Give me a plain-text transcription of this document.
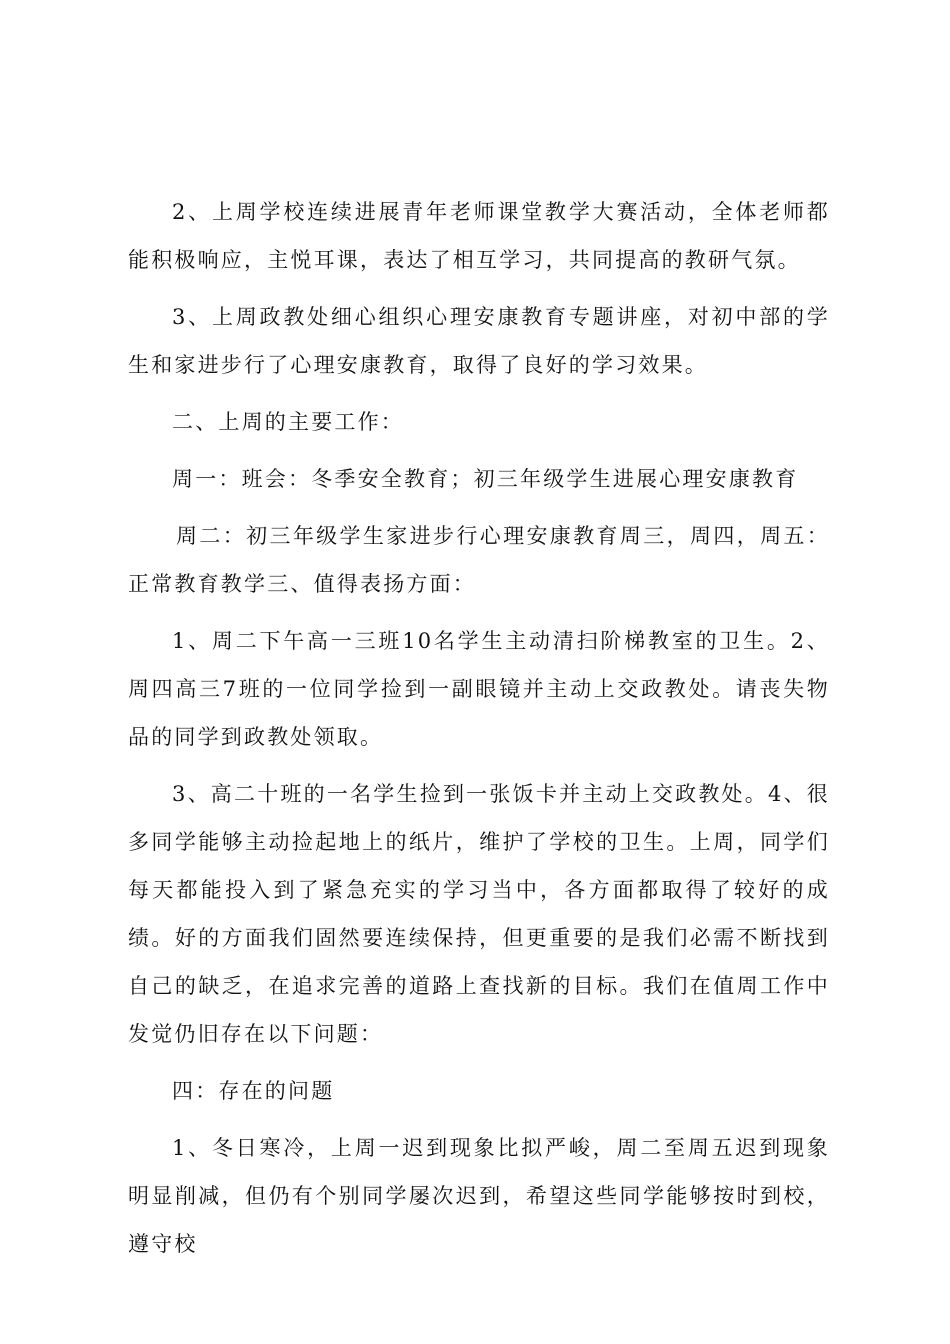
2、上周学校连续进展青年老师课堂教学大赛活动，全体老师都能积极响应，主悦耳课，表达了相互学习，共同提高的教研气氛。

3、上周政教处细心组织心理安康教育专题讲座，对初中部的学生和家进步行了心理安康教育，取得了良好的学习效果。

二、上周的主要工作：

周一：班会：冬季安全教育；初三年级学生进展心理安康教育

周二：初三年级学生家进步行心理安康教育周三，周四，周五：正常教育教学三、值得表扬方面：

1、周二下午高一三班10名学生主动清扫阶梯教室的卫生。2、周四高三7班的一位同学捡到一副眼镜并主动上交政教处。请丧失物品的同学到政教处领取。

3、高二十班的一名学生捡到一张饭卡并主动上交政教处。4、很多同学能够主动捡起地上的纸片，维护了学校的卫生。上周，同学们每天都能投入到了紧急充实的学习当中，各方面都取得了较好的成绩。好的方面我们固然要连续保持，但更重要的是我们必需不断找到自己的缺乏，在追求完善的道路上查找新的目标。我们在值周工作中发觉仍旧存在以下问题：

四：存在的问题

1、冬日寒冷，上周一迟到现象比拟严峻，周二至周五迟到现象明显削减，但仍有个别同学屡次迟到，希望这些同学能够按时到校，遵守校
